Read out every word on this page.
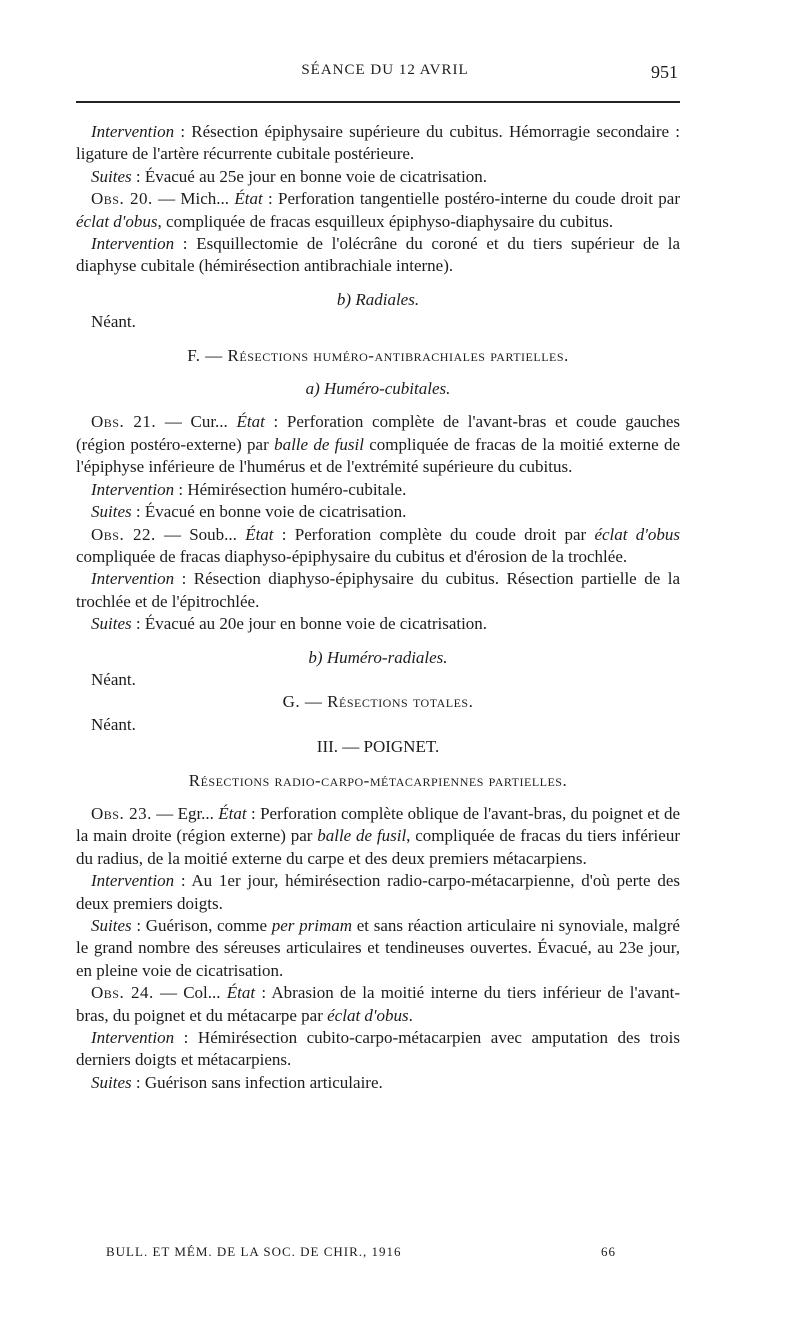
SÉANCE DU 12 AVRIL	951

Intervention : Résection épiphysaire supérieure du cubitus. Hémorragie secondaire : ligature de l'artère récurrente cubitale postérieure.

Suites : Évacué au 25e jour en bonne voie de cicatrisation.

Obs. 20. — Mich... État : Perforation tangentielle postéro-interne du coude droit par éclat d'obus, compliquée de fracas esquilleux épiphyso-diaphysaire du cubitus.

Intervention : Esquillectomie de l'olécrâne du coroné et du tiers supérieur de la diaphyse cubitale (hémirésection antibrachiale interne).

b) Radiales.

Néant.

F. — Résections huméro-antibrachiales partielles.

a) Huméro-cubitales.

Obs. 21. — Cur... État : Perforation complète de l'avant-bras et coude gauches (région postéro-externe) par balle de fusil compliquée de fracas de la moitié externe de l'épiphyse inférieure de l'humérus et de l'extrémité supérieure du cubitus.

Intervention : Hémirésection huméro-cubitale.

Suites : Évacué en bonne voie de cicatrisation.

Obs. 22. — Soub... État : Perforation complète du coude droit par éclat d'obus compliquée de fracas diaphyso-épiphysaire du cubitus et d'érosion de la trochlée.

Intervention : Résection diaphyso-épiphysaire du cubitus. Résection partielle de la trochlée et de l'épitrochlée.

Suites : Évacué au 20e jour en bonne voie de cicatrisation.

b) Huméro-radiales.

Néant.

G. — Résections totales.

Néant.

III. — POIGNET.

Résections radio-carpo-métacarpiennes partielles.

Obs. 23. — Egr... État : Perforation complète oblique de l'avant-bras, du poignet et de la main droite (région externe) par balle de fusil, compliquée de fracas du tiers inférieur du radius, de la moitié externe du carpe et des deux premiers métacarpiens.

Intervention : Au 1er jour, hémirésection radio-carpo-métacarpienne, d'où perte des deux premiers doigts.

Suites : Guérison, comme per primam et sans réaction articulaire ni synoviale, malgré le grand nombre des séreuses articulaires et tendineuses ouvertes. Évacué, au 23e jour, en pleine voie de cicatrisation.

Obs. 24. — Col... État : Abrasion de la moitié interne du tiers inférieur de l'avant-bras, du poignet et du métacarpe par éclat d'obus.

Intervention : Hémirésection cubito-carpo-métacarpien avec amputation des trois derniers doigts et métacarpiens.

Suites : Guérison sans infection articulaire.

BULL. ET MÉM. DE LA SOC. DE CHIR., 1916	66
